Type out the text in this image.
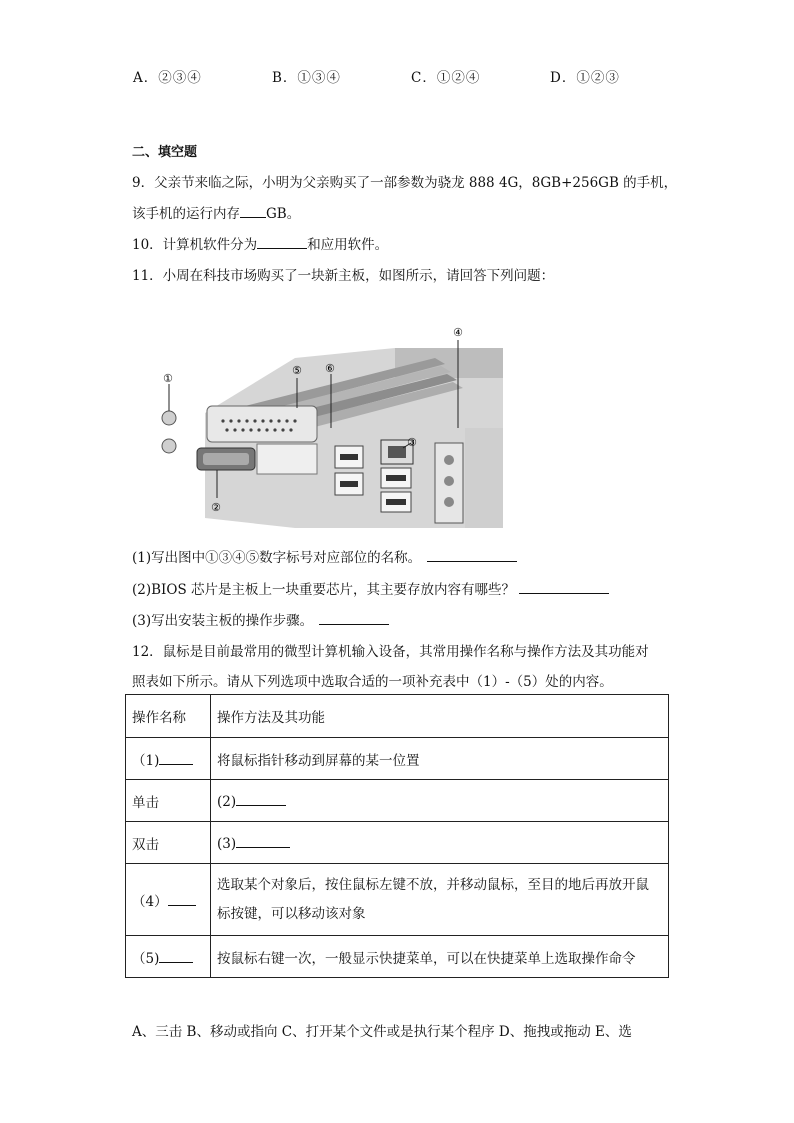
A．②③④	B．①③④	C．①②④	D．①②③
二、填空题
9．父亲节来临之际，小明为父亲购买了一部参数为骁龙 888 4G，8GB+256GB 的手机，
该手机的运行内存 GB。
10．计算机软件分为	和应用软件。
11．小周在科技市场购买了一块新主板，如图所示，请回答下列问题：
①
②
③
④
⑤ ⑥
(1)写出图中①③④⑤数字标号对应部位的名称。
(2)BIOS 芯片是主板上一块重要芯片，其主要存放内容有哪些？
(3)写出安装主板的操作步骤。
12．鼠标是目前最常用的微型计算机输入设备，其常用操作名称与操作方法及其功能对
照表如下所示。请从下列选项中选取合适的一项补充表中（1）-（5）处的内容。
操作名称	操作方法及其功能
（1)	将鼠标指针移动到屏幕的某一位置
单击	(2)
双击	(3)
（4）	选取某个对象后，按住鼠标左键不放，并移动鼠标，至目的地后再放开鼠
标按键，可以移动该对象

（5)	按鼠标右键一次，一般显示快捷菜单，可以在快捷菜单上选取操作命令
A、三击 B、移动或指向 C、打开某个文件或是执行某个程序 D、拖拽或拖动 E、选
